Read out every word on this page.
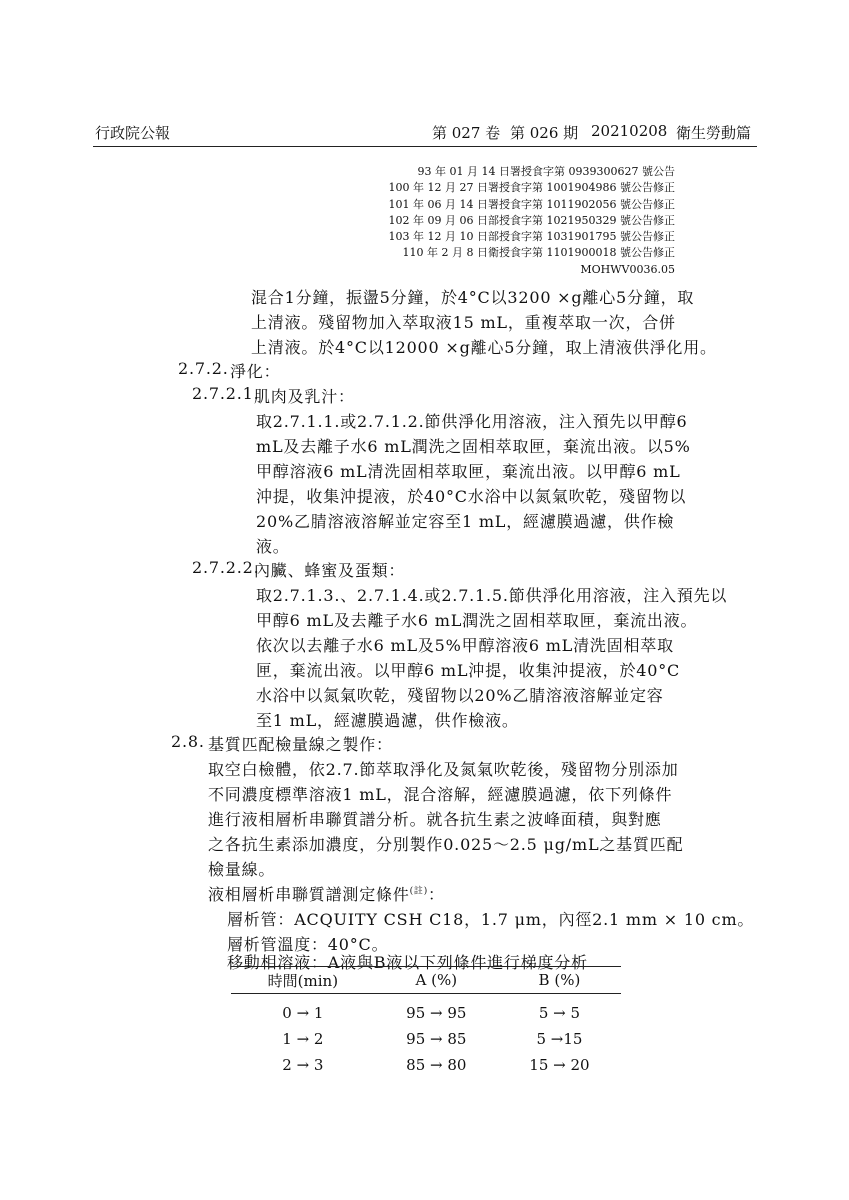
行政院公報	第 027 卷 第 026 期 20210208 衛生勞動篇
93 年 01 月 14 日署授食字第 0939300627 號公告
100 年 12 月 27 日署授食字第 1001904986 號公告修正
101 年 06 月 14 日署授食字第 1011902056 號公告修正
102 年 09 月 06 日部授食字第 1021950329 號公告修正
103 年 12 月 10 日部授食字第 1031901795 號公告修正
110 年 2 月 8 日衛授食字第 1101900018 號公告修正
MOHWV0036.05
混合1分鐘，振盪5分鐘，於4°C以3200 ×g離心5分鐘，取
上清液。殘留物加入萃取液15 mL，重複萃取一次，合併
上清液。於4°C以12000 ×g離心5分鐘，取上清液供淨化用。
2.7.2. 淨化：
2.7.2.1.
肌肉及乳汁：
取2.7.1.1.或2.7.1.2.節供淨化用溶液，注入預先以甲醇6
mL及去離子水6 mL潤洗之固相萃取匣，棄流出液。以5%
甲醇溶液6 mL清洗固相萃取匣，棄流出液。以甲醇6 mL
沖提，收集沖提液，於40°C水浴中以氮氣吹乾，殘留物以
20%乙腈溶液溶解並定容至1 mL，經濾膜過濾，供作檢
液。
2.7.2.2.
內臟、蜂蜜及蛋類：
取2.7.1.3.、2.7.1.4.或2.7.1.5.節供淨化用溶液，注入預先以
甲醇6 mL及去離子水6 mL潤洗之固相萃取匣，棄流出液。
依次以去離子水6 mL及5%甲醇溶液6 mL清洗固相萃取
匣，棄流出液。以甲醇6 mL沖提，收集沖提液，於40°C
水浴中以氮氣吹乾，殘留物以20%乙腈溶液溶解並定容
至1 mL，經濾膜過濾，供作檢液。
2.8. 基質匹配檢量線之製作：
取空白檢體，依2.7.節萃取淨化及氮氣吹乾後，殘留物分別添加
不同濃度標準溶液1 mL，混合溶解，經濾膜過濾，依下列條件
進行液相層析串聯質譜分析。就各抗生素之波峰面積，與對應
之各抗生素添加濃度，分別製作0.025～2.5 μg/mL之基質匹配
檢量線。
液相層析串聯質譜測定條件$^{(註)}$：
層析管：ACQUITY CSH C18，1.7 μm，內徑2.1 mm × 10 cm。
層析管溫度：40°C。
移動相溶液：A液與B液以下列條件進行梯度分析
時間(min)	A (%)	B (%)
0 → 1	95 → 95	5 → 5
1 → 2	95 → 85	5 →15
2 → 3	85 → 80	15 → 20
